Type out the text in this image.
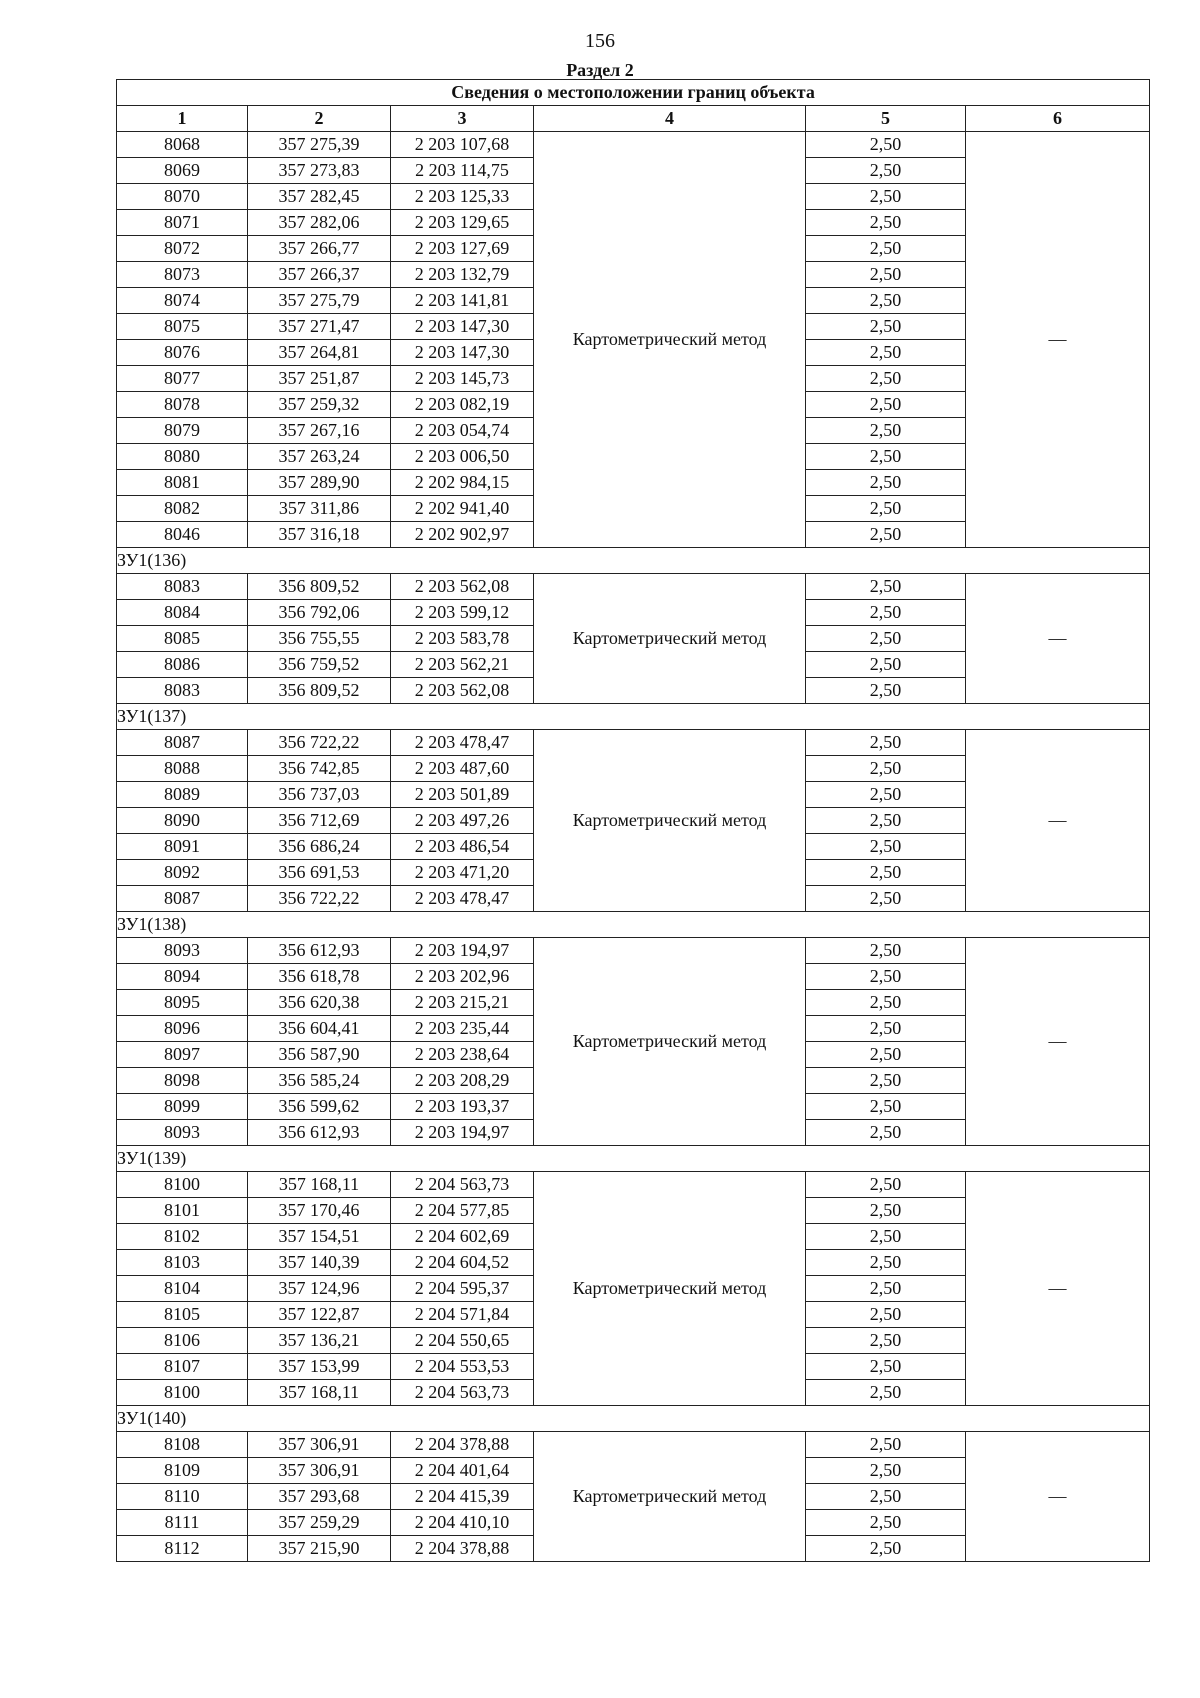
156
Раздел 2
Сведения о местоположении границ объекта					
1	2	3	4	5	6
8068	357 275,39	2 203 107,68	Картометрический метод	2,50	—
8069	357 273,83	2 203 114,75		2,50	
8070	357 282,45	2 203 125,33		2,50	
8071	357 282,06	2 203 129,65		2,50	
8072	357 266,77	2 203 127,69		2,50	
8073	357 266,37	2 203 132,79		2,50	
8074	357 275,79	2 203 141,81		2,50	
8075	357 271,47	2 203 147,30		2,50	
8076	357 264,81	2 203 147,30		2,50	
8077	357 251,87	2 203 145,73		2,50	
8078	357 259,32	2 203 082,19		2,50	
8079	357 267,16	2 203 054,74		2,50	
8080	357 263,24	2 203 006,50		2,50	
8081	357 289,90	2 202 984,15		2,50	
8082	357 311,86	2 202 941,40		2,50	
8046	357 316,18	2 202 902,97		2,50	
ЗУ1(136)					
8083	356 809,52	2 203 562,08	Картометрический метод	2,50	—
8084	356 792,06	2 203 599,12		2,50	
8085	356 755,55	2 203 583,78		2,50	
8086	356 759,52	2 203 562,21		2,50	
8083	356 809,52	2 203 562,08		2,50	
ЗУ1(137)					
8087	356 722,22	2 203 478,47	Картометрический метод	2,50	—
8088	356 742,85	2 203 487,60		2,50	
8089	356 737,03	2 203 501,89		2,50	
8090	356 712,69	2 203 497,26		2,50	
8091	356 686,24	2 203 486,54		2,50	
8092	356 691,53	2 203 471,20		2,50	
8087	356 722,22	2 203 478,47		2,50	
ЗУ1(138)					
8093	356 612,93	2 203 194,97	Картометрический метод	2,50	—
8094	356 618,78	2 203 202,96		2,50	
8095	356 620,38	2 203 215,21		2,50	
8096	356 604,41	2 203 235,44		2,50	
8097	356 587,90	2 203 238,64		2,50	
8098	356 585,24	2 203 208,29		2,50	
8099	356 599,62	2 203 193,37		2,50	
8093	356 612,93	2 203 194,97		2,50	
ЗУ1(139)					
8100	357 168,11	2 204 563,73	Картометрический метод	2,50	—
8101	357 170,46	2 204 577,85		2,50	
8102	357 154,51	2 204 602,69		2,50	
8103	357 140,39	2 204 604,52		2,50	
8104	357 124,96	2 204 595,37		2,50	
8105	357 122,87	2 204 571,84		2,50	
8106	357 136,21	2 204 550,65		2,50	
8107	357 153,99	2 204 553,53		2,50	
8100	357 168,11	2 204 563,73		2,50	
ЗУ1(140)					
8108	357 306,91	2 204 378,88	Картометрический метод	2,50	—
8109	357 306,91	2 204 401,64		2,50	
8110	357 293,68	2 204 415,39		2,50	
8111	357 259,29	2 204 410,10		2,50	
8112	357 215,90	2 204 378,88		2,50	
